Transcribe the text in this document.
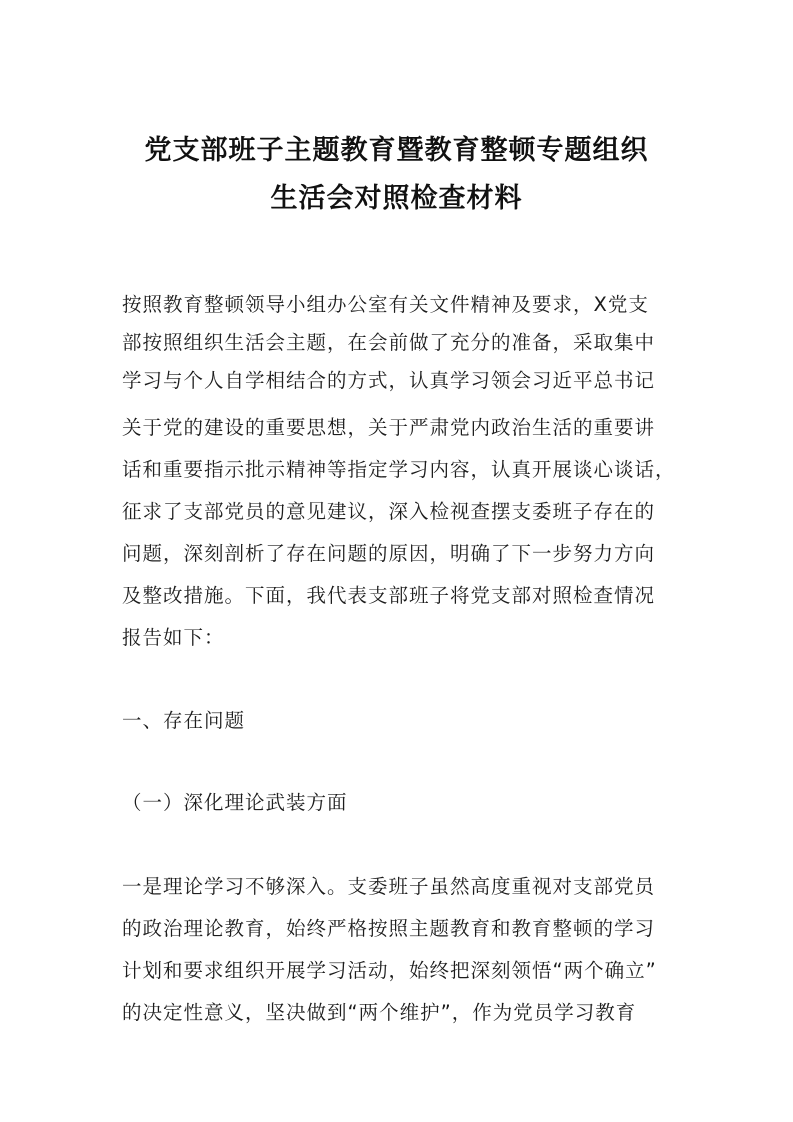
党支部班子主题教育暨教育整顿专题组织
生活会对照检查材料
按照教育整顿领导小组办公室有关文件精神及要求，X党支
部按照组织生活会主题，在会前做了充分的准备，采取集中
学习与个人自学相结合的方式，认真学习领会习近平总书记
关于党的建设的重要思想，关于严肃党内政治生活的重要讲
话和重要指示批示精神等指定学习内容，认真开展谈心谈话，
征求了支部党员的意见建议，深入检视查摆支委班子存在的
问题，深刻剖析了存在问题的原因，明确了下一步努力方向
及整改措施。下面，我代表支部班子将党支部对照检查情况
报告如下：
一、存在问题
（一）深化理论武装方面
一是理论学习不够深入。支委班子虽然高度重视对支部党员
的政治理论教育，始终严格按照主题教育和教育整顿的学习
计划和要求组织开展学习活动，始终把深刻领悟“两个确立”
的决定性意义，坚决做到“两个维护”，作为党员学习教育
